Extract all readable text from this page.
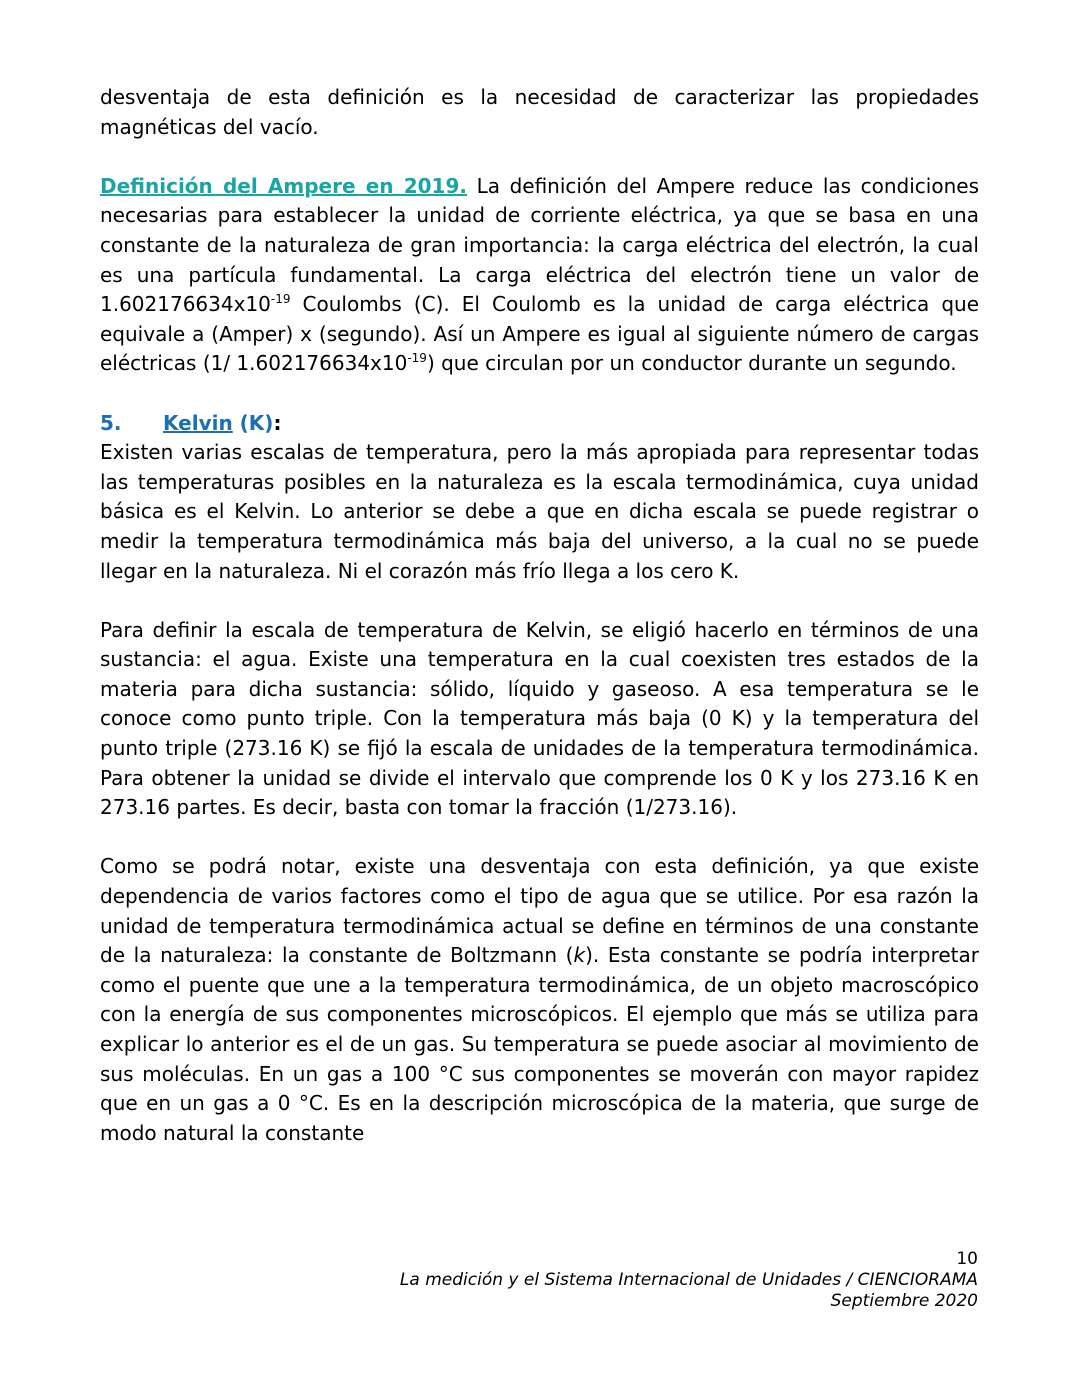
desventaja de esta definición es la necesidad de caracterizar las propiedades magnéticas del vacío.

Definición del Ampere en 2019. La definición del Ampere reduce las condiciones necesarias para establecer la unidad de corriente eléctrica, ya que se basa en una constante de la naturaleza de gran importancia: la carga eléctrica del electrón, la cual es una partícula fundamental. La carga eléctrica del electrón tiene un valor de $1.602176634x10^{-19}$ Coulombs (C). El Coulomb es la unidad de carga eléctrica que equivale a (Amper) x (segundo). Así un Ampere es igual al siguiente número de cargas eléctricas (1/ $1.602176634x10^{-19}$) que circulan por un conductor durante un segundo.

5. Kelvin (K):

Existen varias escalas de temperatura, pero la más apropiada para representar todas las temperaturas posibles en la naturaleza es la escala termodinámica, cuya unidad básica es el Kelvin. Lo anterior se debe a que en dicha escala se puede registrar o medir la temperatura termodinámica más baja del universo, a la cual no se puede llegar en la naturaleza. Ni el corazón más frío llega a los cero K.

Para definir la escala de temperatura de Kelvin, se eligió hacerlo en términos de una sustancia: el agua. Existe una temperatura en la cual coexisten tres estados de la materia para dicha sustancia: sólido, líquido y gaseoso. A esa temperatura se le conoce como punto triple. Con la temperatura más baja (0 K) y la temperatura del punto triple (273.16 K) se fijó la escala de unidades de la temperatura termodinámica. Para obtener la unidad se divide el intervalo que comprende los 0 K y los 273.16 K en 273.16 partes. Es decir, basta con tomar la fracción (1/273.16).

Como se podrá notar, existe una desventaja con esta definición, ya que existe dependencia de varios factores como el tipo de agua que se utilice. Por esa razón la unidad de temperatura termodinámica actual se define en términos de una constante de la naturaleza: la constante de Boltzmann (k). Esta constante se podría interpretar como el puente que une a la temperatura termodinámica, de un objeto macroscópico con la energía de sus componentes microscópicos. El ejemplo que más se utiliza para explicar lo anterior es el de un gas. Su temperatura se puede asociar al movimiento de sus moléculas. En un gas a 100 °C sus componentes se moverán con mayor rapidez que en un gas a 0 °C. Es en la descripción microscópica de la materia, que surge de modo natural la constante

10
La medición y el Sistema Internacional de Unidades / CIENCIORAMA
Septiembre 2020
